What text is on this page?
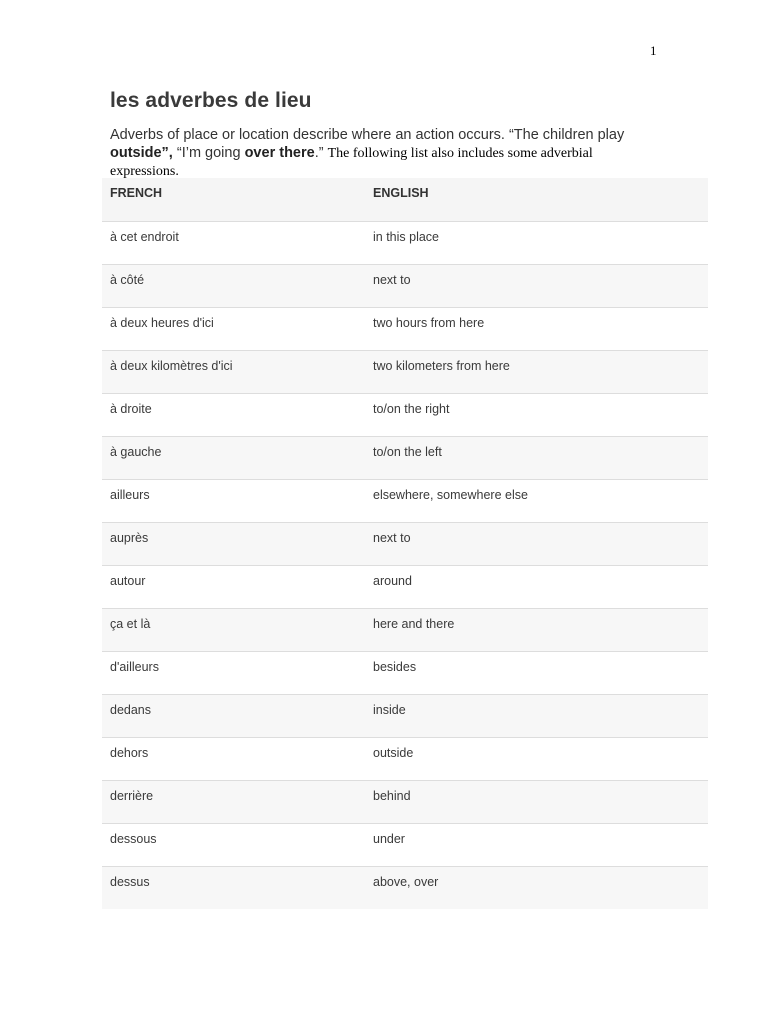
1
les adverbes de lieu

Adverbs of place or location describe where an action occurs. “The children play outside”, “I’m going over there.” The following list also includes some adverbial expressions.

FRENCH	ENGLISH
à cet endroit	in this place
à côté	next to
à deux heures d'ici	two hours from here
à deux kilomètres d'ici	two kilometers from here
à droite	to/on the right
à gauche	to/on the left
ailleurs	elsewhere, somewhere else
auprès	next to
autour	around
ça et là	here and there
d'ailleurs	besides
dedans	inside
dehors	outside
derrière	behind
dessous	under
dessus	above, over
